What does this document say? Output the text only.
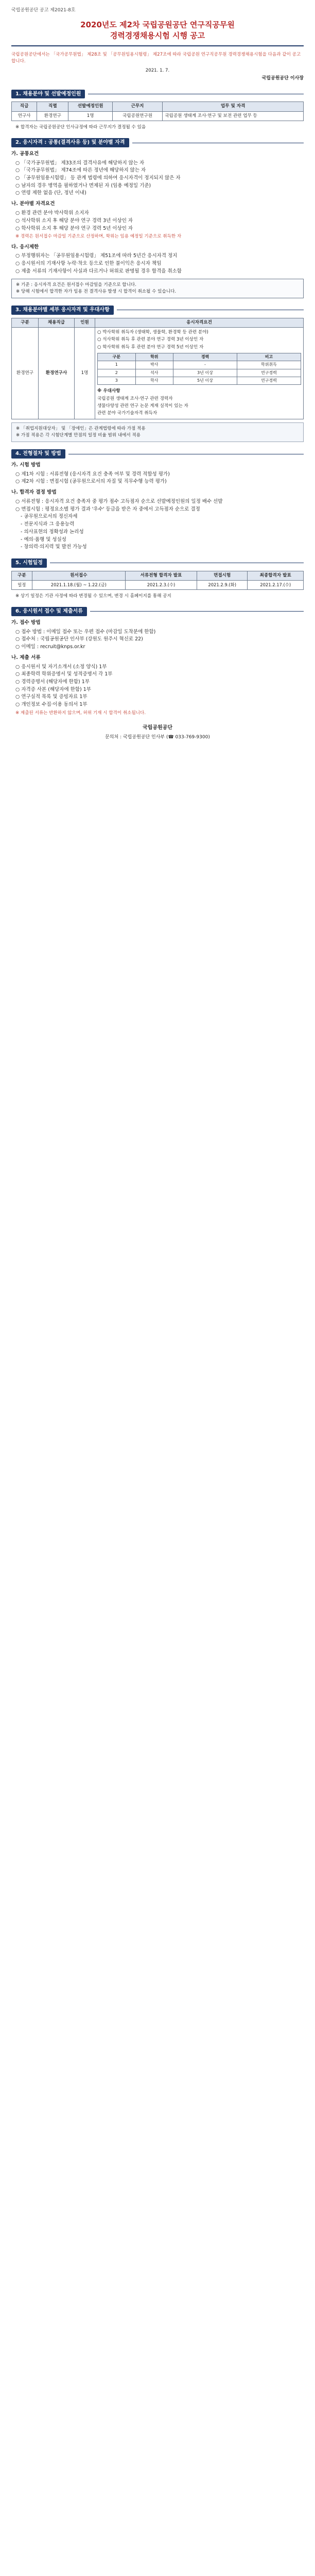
국립공원공단 공고 제2021-8호
2020년도 제2차 국립공원공단 연구직공무원
경력경쟁채용시험 시행 공고
국립공원공단에서는 「국가공무원법」 제28조 및 「공무원임용시험령」 제27조에 따라 국립공원 연구직공무원 경력경쟁채용시험을 다음과 같이 공고합니다.
2021. 1. 7.
국립공원공단 이사장
1. 채용분야 및 선발예정인원
직급	직렬	선발예정인원	근무지	업무 및 자격
연구사	환경연구	1명	국립공원연구원	국립공원 생태계 조사·연구 및 보전 관련 업무 등
※ 합격자는 국립공원공단 인사규정에 따라 근무지가 결정될 수 있음
2. 응시자격 : 공통(결격사유 등) 및 분야별 자격
가. 공통요건
○ 「국가공무원법」 제33조의 결격사유에 해당하지 않는 자
○ 「국가공무원법」 제74조에 따른 정년에 해당하지 않는 자
○ 「공무원임용시험령」 등 관계 법령에 의하여 응시자격이 정지되지 않은 자
○ 남자의 경우 병역을 필하였거나 면제된 자 (임용 예정일 기준)
○ 연령 제한 없음 (단, 정년 이내)
나. 분야별 자격요건
○ 환경 관련 분야 박사학위 소지자
○ 석사학위 소지 후 해당 분야 연구 경력 3년 이상인 자
○ 학사학위 소지 후 해당 분야 연구 경력 5년 이상인 자
※ 경력은 원서접수 마감일 기준으로 산정하며, 학위는 임용 예정일 기준으로 취득한 자
다. 응시제한
○ 부정행위자는 「공무원임용시험령」 제51조에 따라 5년간 응시자격 정지
○ 응시원서의 기재사항 누락·착오 등으로 인한 불이익은 응시자 책임
○ 제출 서류의 기재사항이 사실과 다르거나 허위로 판명될 경우 합격을 취소함
※ 기준 : 응시자격 요건은 원서접수 마감일을 기준으로 합니다.
※ 당해 시험에서 합격한 자가 임용 전 결격사유 발생 시 합격이 취소될 수 있습니다.
3. 채용분야별 세부 응시자격 및 우대사항
구분	채용직급	인원	응시자격요건
환경연구	환경연구사	1명	

○ 박사학위 취득자 (생태학, 생물학, 환경학 등 관련 분야)

○ 석사학위 취득 후 관련 분야 연구 경력 3년 이상인 자

○ 학사학위 취득 후 관련 분야 연구 경력 5년 이상인 자

구분	학위	경력	비고
1	박사	-	학위취득
2	석사	3년 이상	연구경력
3	학사	5년 이상	연구경력

※ 우대사항

국립공원 생태계 조사·연구 관련 경력자

생물다양성 관련 연구 논문 게재 실적이 있는 자

관련 분야 국가기술자격 취득자

※ 「취업지원대상자」 및 「장애인」은 관계법령에 따라 가점 적용
※ 가점 적용은 각 시험단계별 만점의 일정 비율 범위 내에서 적용
4. 전형절차 및 방법
가. 시험 방법
○ 제1차 시험 : 서류전형 (응시자격 요건 충족 여부 및 경력 적합성 평가)
○ 제2차 시험 : 면접시험 (공무원으로서의 자질 및 직무수행 능력 평가)
나. 합격자 결정 방법
○ 서류전형 : 응시자격 요건 충족자 중 평가 점수 고득점자 순으로 선발예정인원의 일정 배수 선발
○ 면접시험 : 평정요소별 평가 결과 '우수' 등급을 받은 자 중에서 고득점자 순으로 결정
- 공무원으로서의 정신자세
- 전문지식과 그 응용능력
- 의사표현의 정확성과 논리성
- 예의·품행 및 성실성
- 창의력·의지력 및 발전 가능성
5. 시험일정
구분	원서접수	서류전형 합격자 발표	면접시험	최종합격자 발표
일정	2021.1.18.(월) ~ 1.22.(금)	2021.2.3.(수)	2021.2.9.(화)	2021.2.17.(수)
※ 상기 일정은 기관 사정에 따라 변경될 수 있으며, 변경 시 홈페이지를 통해 공지
6. 응시원서 접수 및 제출서류
가. 접수 방법
○ 접수 방법 : 이메일 접수 또는 우편 접수 (마감일 도착분에 한함)
○ 접수처 : 국립공원공단 인사부 (강원도 원주시 혁신로 22)
○ 이메일 : recruit@knps.or.kr
나. 제출 서류
○ 응시원서 및 자기소개서 (소정 양식) 1부
○ 최종학력 학위증명서 및 성적증명서 각 1부
○ 경력증명서 (해당자에 한함) 1부
○ 자격증 사본 (해당자에 한함) 1부
○ 연구실적 목록 및 증빙자료 1부
○ 개인정보 수집·이용 동의서 1부
※ 제출된 서류는 반환하지 않으며, 허위 기재 시 합격이 취소됩니다.
국립공원공단
문의처 : 국립공원공단 인사부 (☎ 033-769-9300)
